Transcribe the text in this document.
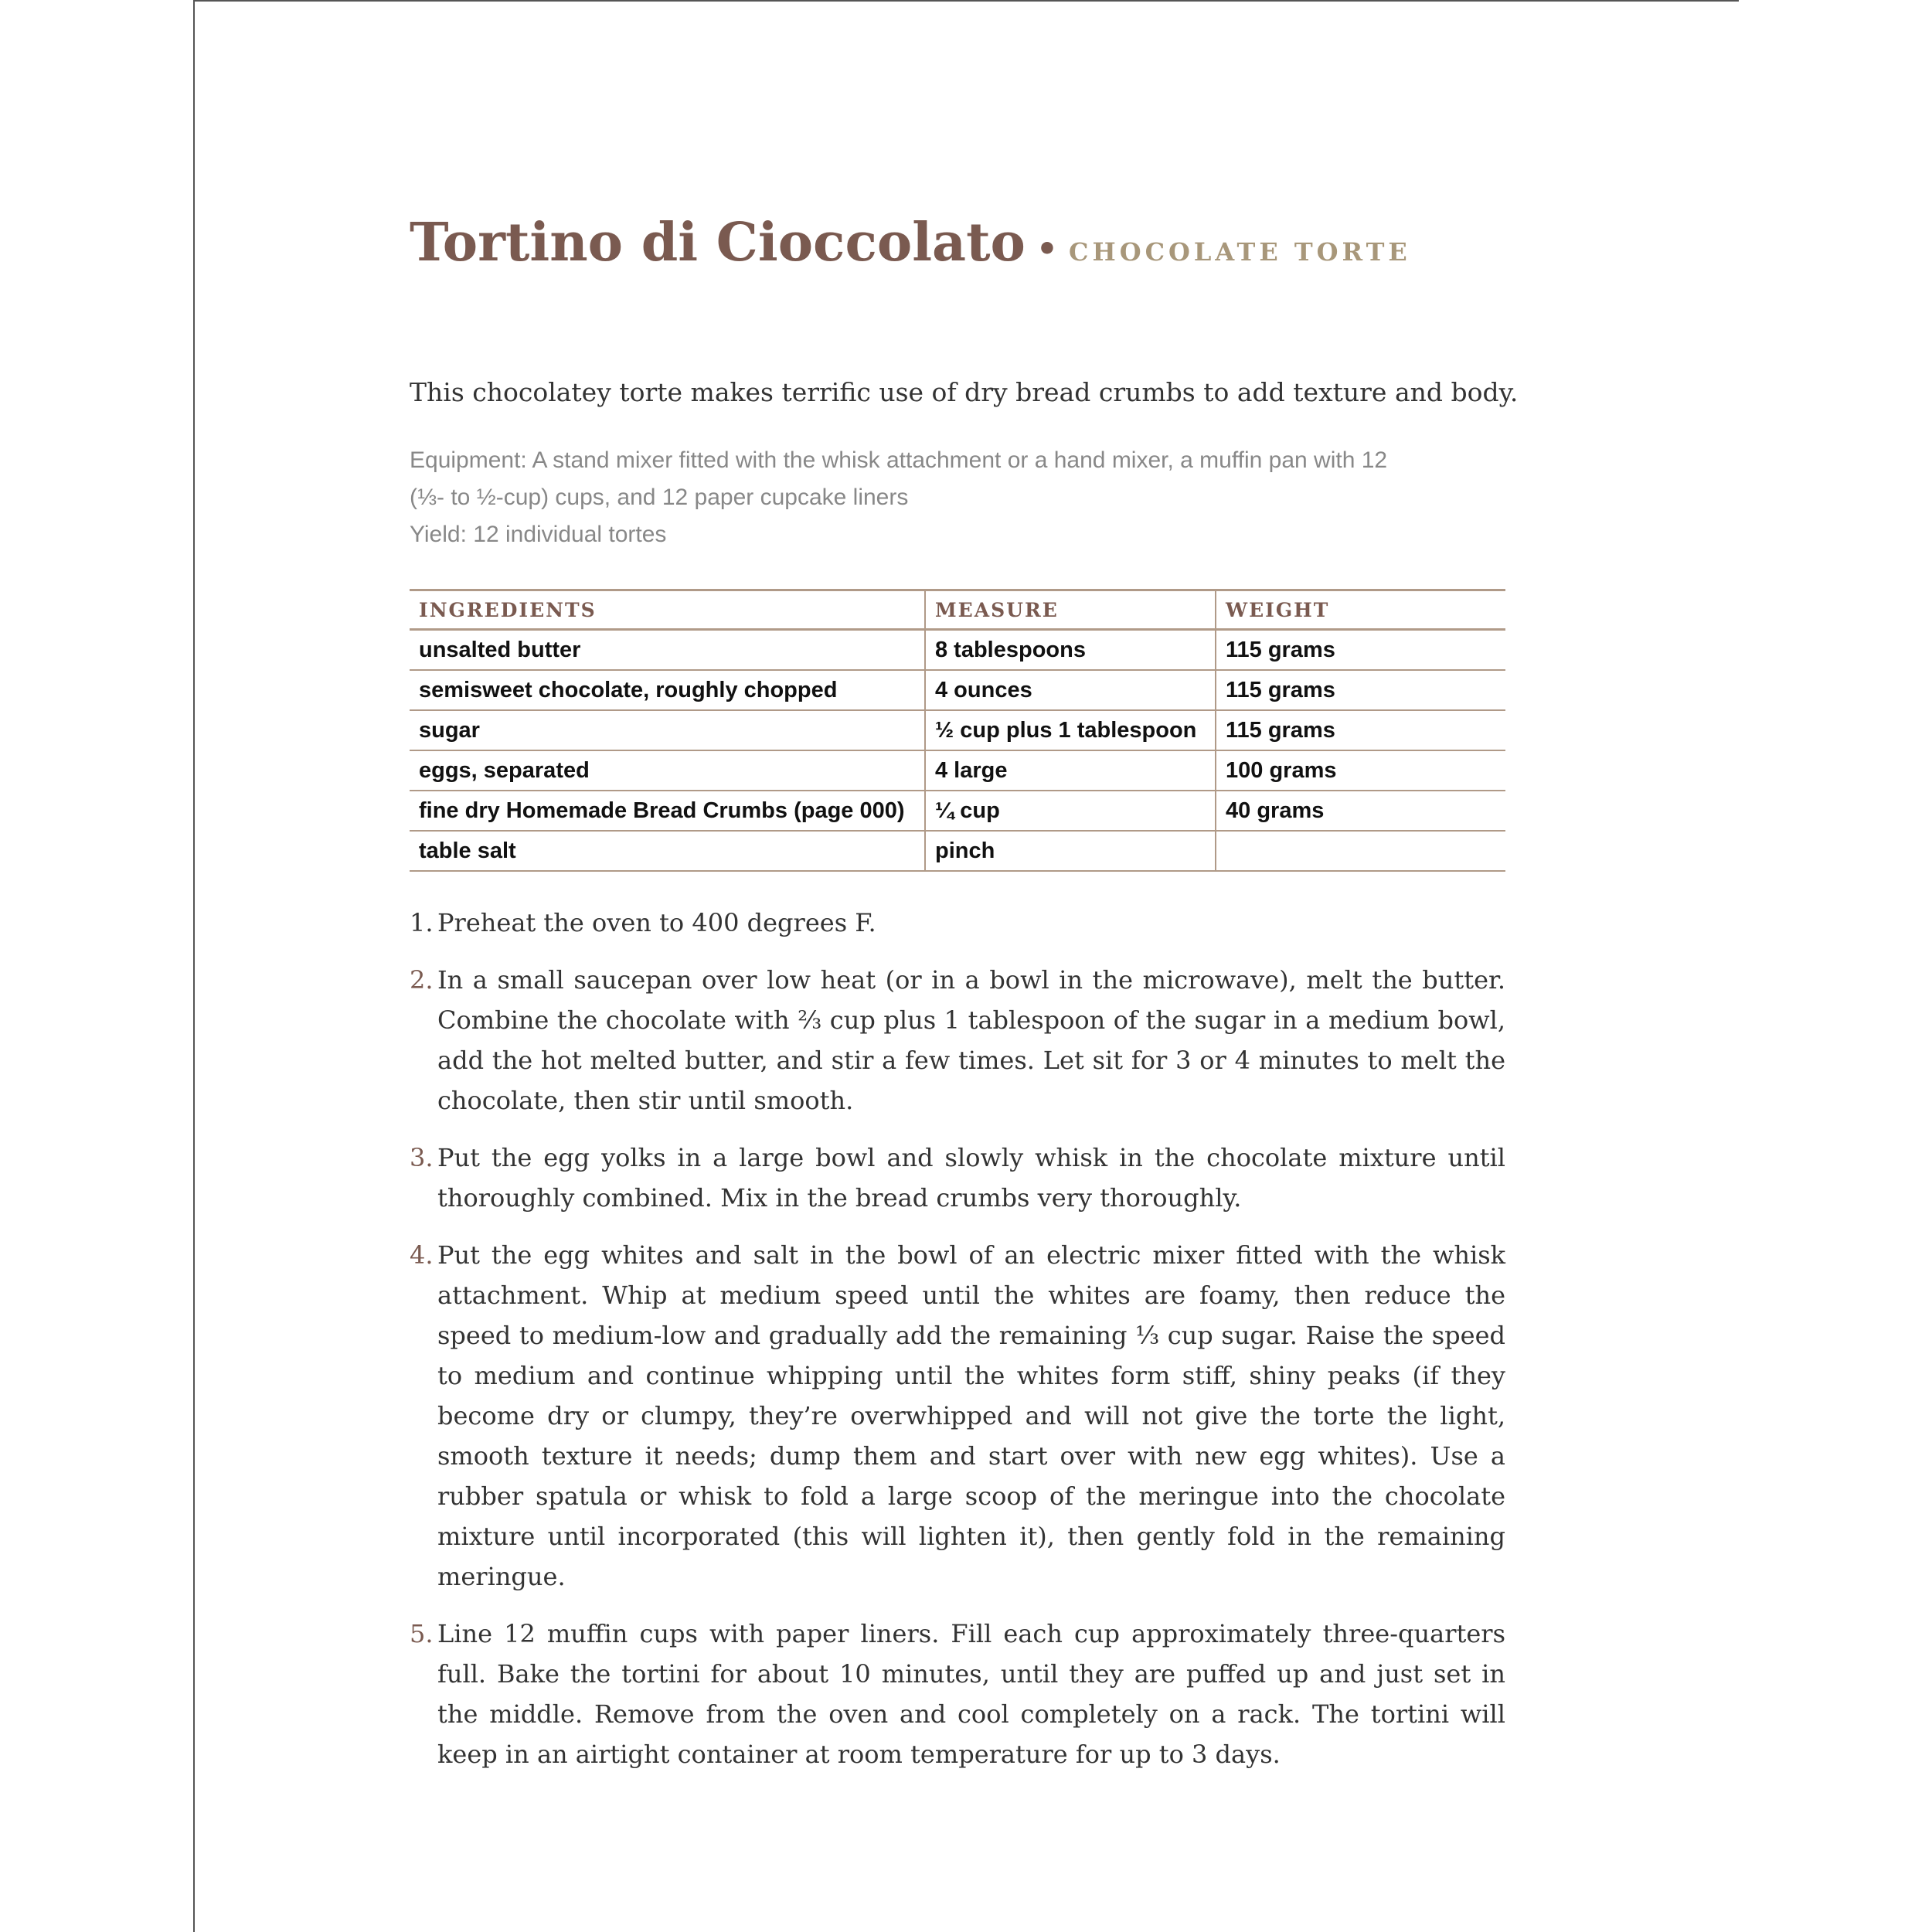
Tortino di Cioccolato • CHOCOLATE TORTE

This chocolatey torte makes terrific use of dry bread crumbs to add texture and body.

Equipment: A stand mixer fitted with the whisk attachment or a hand mixer, a muffin pan with 12

(⅓- to ½-cup) cups, and 12 paper cupcake liners

Yield: 12 individual tortes

INGREDIENTS	MEASURE	WEIGHT
unsalted butter	8 tablespoons	115 grams
semisweet chocolate, roughly chopped	4 ounces	115 grams
sugar	½ cup plus 1 tablespoon	115 grams
eggs, separated	4 large	100 grams
fine dry Homemade Bread Crumbs (page 000)	¼ cup	40 grams
table salt	pinch	

1. Preheat the oven to 400 degrees F.

2. In a small saucepan over low heat (or in a bowl in the microwave), melt the butter. Combine the chocolate with ⅔ cup plus 1 tablespoon of the sugar in a medium bowl, add the hot melted butter, and stir a few times. Let sit for 3 or 4 minutes to melt the chocolate, then stir until smooth.

3. Put the egg yolks in a large bowl and slowly whisk in the chocolate mixture until thoroughly combined. Mix in the bread crumbs very thoroughly.

4. Put the egg whites and salt in the bowl of an electric mixer fitted with the whisk attachment. Whip at medium speed until the whites are foamy, then reduce the speed to medium-low and gradually add the remaining ⅓ cup sugar. Raise the speed to medium and continue whipping until the whites form stiff, shiny peaks (if they become dry or clumpy, they’re overwhipped and will not give the torte the light, smooth texture it needs; dump them and start over with new egg whites). Use a rubber spatula or whisk to fold a large scoop of the meringue into the chocolate mixture until incorporated (this will lighten it), then gently fold in the remaining meringue.

5. Line 12 muffin cups with paper liners. Fill each cup approximately three-quarters full. Bake the tortini for about 10 minutes, until they are puffed up and just set in the middle. Remove from the oven and cool completely on a rack. The tortini will keep in an airtight container at room temperature for up to 3 days.
